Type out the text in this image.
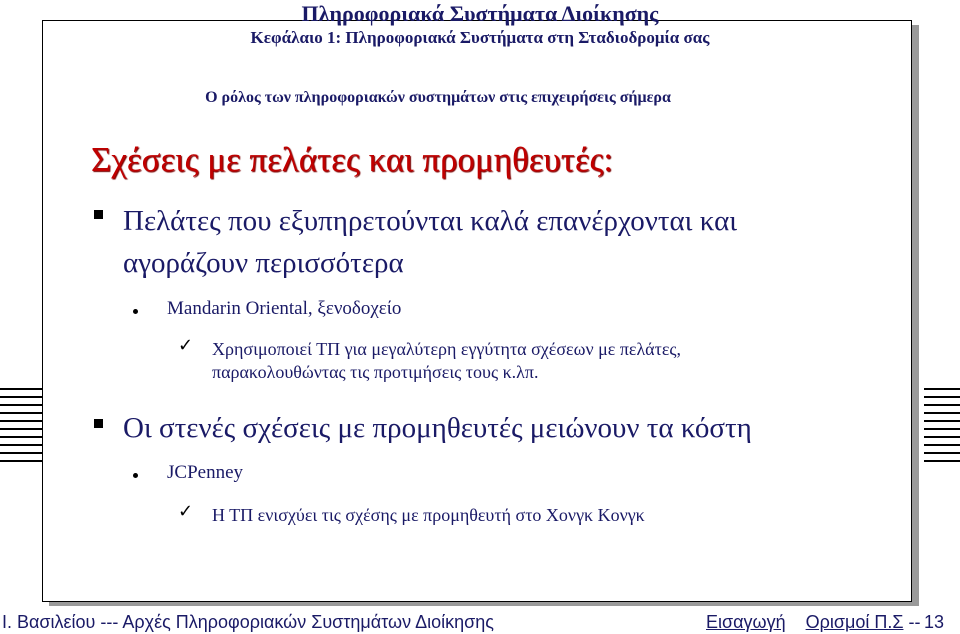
Πληροφοριακά Συστήματα Διοίκησης
Κεφάλαιο 1: Πληροφοριακά Συστήματα στη Σταδιοδρομία σας
Ο ρόλος των πληροφοριακών συστημάτων στις επιχειρήσεις σήμερα
Σχέσεις με πελάτες και προμηθευτές:
Πελάτες που εξυπηρετούνται καλά επανέρχονται και
αγοράζουν περισσότερα
Mandarin Oriental, ξενοδοχείο
✓ Χρησιμοποιεί ΤΠ για μεγαλύτερη εγγύτητα σχέσεων με πελάτες,
παρακολουθώντας τις προτιμήσεις τους κ.λπ.
Οι στενές σχέσεις με προμηθευτές μειώνουν τα κόστη
JCPenney
✓ Η ΤΠ ενισχύει τις σχέσης με προμηθευτή στο Χονγκ Κονγκ
Ι. Βασιλείου --- Αρχές Πληροφοριακών Συστημάτων Διοίκησης	Εισαγωγή Ορισμοί Π.Σ -- 13
